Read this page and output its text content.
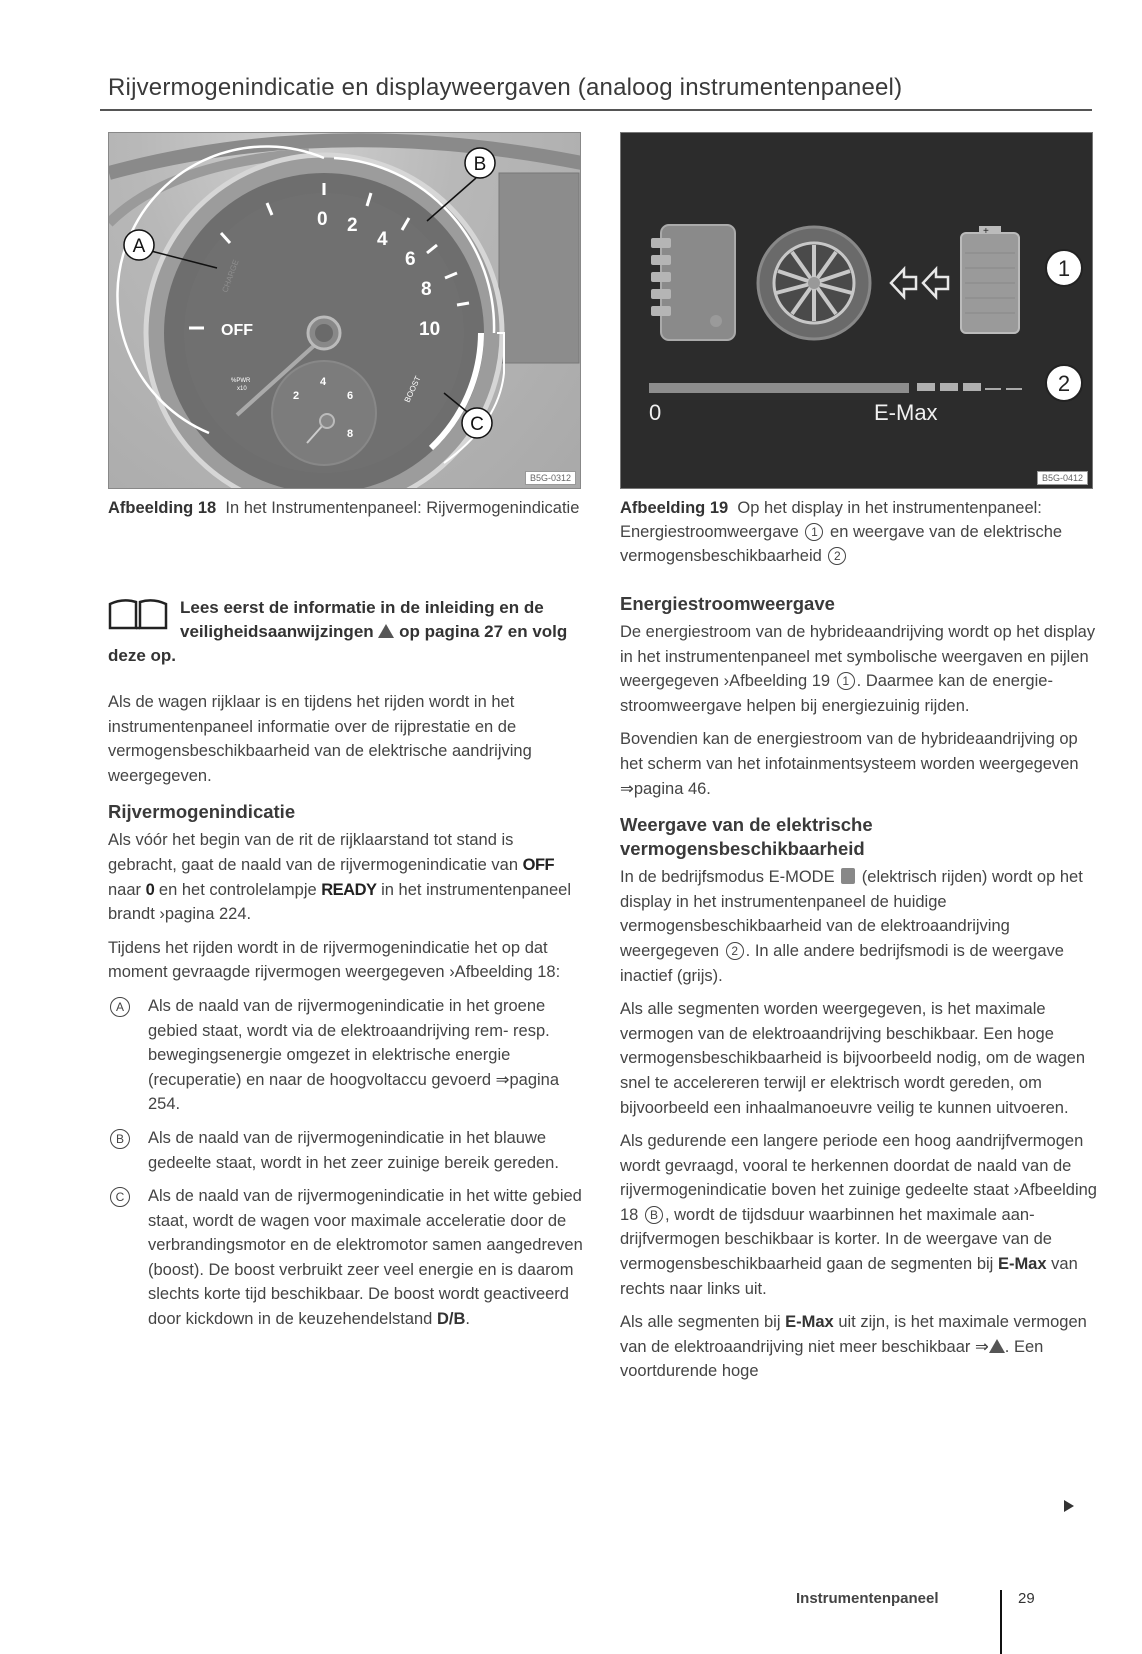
Rijvermogenindicatie en displayweergaven (analoog instrumentenpaneel)
0 2
4
6
8
10
OFF
CHARGE
BOOST
%PWR
x10
2
4
6
8
A
B
C
B5G-0312
Afbeelding 18 In het Instrumentenpaneel: Rijvermogenindicatie
+
0	E-Max
1
2
B5G-0412
Afbeelding 19 Op het display in het instrumentenpaneel: Energiestroomweergave 1 en weergave van de elektrische vermogensbeschikbaarheid 2
Lees eerst de informatie in de inleiding en de veiligheidsaanwijzingen op pagina 27 en volg deze op.

Als de wagen rijklaar is en tijdens het rijden wordt in het instrumentenpaneel informatie over de rijprestatie en de vermogensbeschikbaarheid van de elektrische aandrijving weergegeven.

Rijvermogenindicatie

Als vóór het begin van de rit de rijklaarstand tot stand is gebracht, gaat de naald van de rijvermogenindicatie van OFF naar 0 en het controlelampje READY in het instrumentenpaneel brandt ›pagina 224.

Tijdens het rijden wordt in de rijvermogenindicatie het op dat moment gevraagde rijvermogen weergegeven ›Afbeelding 18:

A	Als de naald van de rijvermogenindicatie in het groene gebied staat, wordt via de elektroaandrijving rem- resp. bewegingsenergie omgezet in elektrische energie (recuperatie) en naar de hoogvoltaccu gevoerd ⇒pagina 254.
B	Als de naald van de rijvermogenindicatie in het blauwe gedeelte staat, wordt in het zeer zuinige bereik gereden.
C	Als de naald van de rijvermogenindicatie in het witte gebied staat, wordt de wagen voor maximale acceleratie door de verbrandingsmotor en de elektromotor samen aangedreven (boost). De boost verbruikt zeer veel energie en is daarom slechts korte tijd beschikbaar. De boost wordt geactiveerd door kickdown in de keuzehendelstand D/B.
Energiestroomweergave

De energiestroom van de hybrideaandrijving wordt op het display in het instrumentenpaneel met symbolische weergaven en pijlen weergegeven ›Afbeelding 19 1 . Daarmee kan de energiestroomweergave helpen bij energiezuinig rijden.

Bovendien kan de energiestroom van de hybrideaandrijving op het scherm van het infotainmentsysteem worden weergegeven ⇒pagina 46.

Weergave van de elektrische vermogensbeschikbaarheid

In de bedrijfsmodus E-MODE (elektrisch rijden) wordt op het display in het instrumentenpaneel de huidige vermogensbeschikbaarheid van de elektroaandrijving weergegeven 2 . In alle andere bedrijfsmodi is de weergave inactief (grijs).

Als alle segmenten worden weergegeven, is het maximale vermogen van de elektroaandrijving beschikbaar. Een hoge vermogensbeschikbaarheid is bijvoorbeeld nodig, om de wagen snel te accelereren terwijl er elektrisch wordt gereden, om bijvoorbeeld een inhaalmanoeuvre veilig te kunnen uitvoeren.

Als gedurende een langere periode een hoog aandrijfvermogen wordt gevraagd, vooral te herkennen doordat de naald van de rijvermogenindicatie boven het zuinige gedeelte staat ›Afbeelding 18 B , wordt de tijdsduur waarbinnen het maximale aandrijfvermogen beschikbaar is korter. In de weergave van de vermogensbeschikbaarheid gaan de segmenten bij E-Max van rechts naar links uit.

Als alle segmenten bij E-Max uit zijn, is het maximale vermogen van de elektroaandrijving niet meer beschikbaar ⇒ . Een voortdurende hoge

Instrumentenpaneel	29
